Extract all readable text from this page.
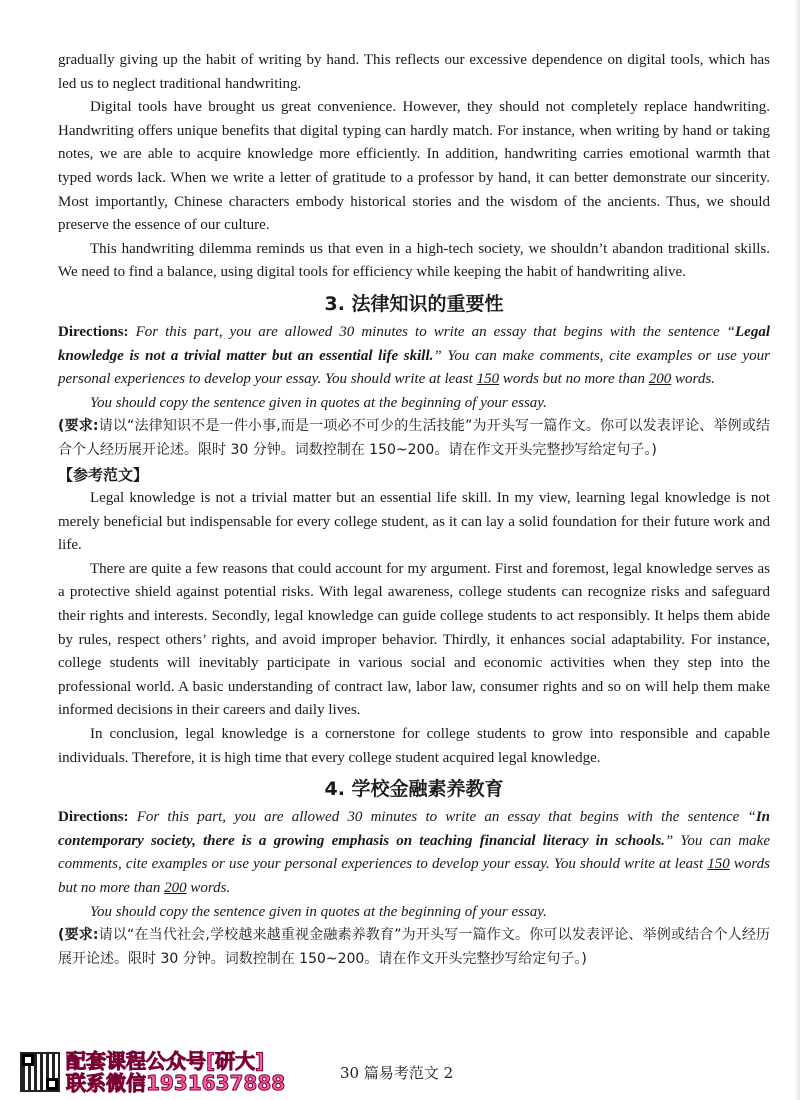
gradually giving up the habit of writing by hand. This reflects our excessive dependence on digital tools, which has led us to neglect traditional handwriting.

Digital tools have brought us great convenience. However, they should not completely replace handwriting. Handwriting offers unique benefits that digital typing can hardly match. For instance, when writing by hand or taking notes, we are able to acquire knowledge more efficiently. In addition, handwriting carries emotional warmth that typed words lack. When we write a letter of gratitude to a professor by hand, it can better demonstrate our sincerity. Most importantly, Chinese characters embody historical stories and the wisdom of the ancients. Thus, we should preserve the essence of our culture.

This handwriting dilemma reminds us that even in a high-tech society, we shouldn’t abandon traditional skills. We need to find a balance, using digital tools for efficiency while keeping the habit of handwriting alive.

3. 法律知识的重要性

Directions: For this part, you are allowed 30 minutes to write an essay that begins with the sentence “Legal knowledge is not a trivial matter but an essential life skill.” You can make comments, cite examples or use your personal experiences to develop your essay. You should write at least 150 words but no more than 200 words.

You should copy the sentence given in quotes at the beginning of your essay.

(要求:请以“法律知识不是一件小事,而是一项必不可少的生活技能”为开头写一篇作文。你可以发表评论、举例或结合个人经历展开论述。限时 30 分钟。词数控制在 150~200。请在作文开头完整抄写给定句子。)

【参考范文】

Legal knowledge is not a trivial matter but an essential life skill. In my view, learning legal knowledge is not merely beneficial but indispensable for every college student, as it can lay a solid foundation for their future work and life.

There are quite a few reasons that could account for my argument. First and foremost, legal knowledge serves as a protective shield against potential risks. With legal awareness, college students can recognize risks and safeguard their rights and interests. Secondly, legal knowledge can guide college students to act responsibly. It helps them abide by rules, respect others’ rights, and avoid improper behavior. Thirdly, it enhances social adaptability. For instance, college students will inevitably participate in various social and economic activities when they step into the professional world. A basic understanding of contract law, labor law, consumer rights and so on will help them make informed decisions in their careers and daily lives.

In conclusion, legal knowledge is a cornerstone for college students to grow into responsible and capable individuals. Therefore, it is high time that every college student acquired legal knowledge.

4. 学校金融素养教育

Directions: For this part, you are allowed 30 minutes to write an essay that begins with the sentence “In contemporary society, there is a growing emphasis on teaching financial literacy in schools.” You can make comments, cite examples or use your personal experiences to develop your essay. You should write at least 150 words but no more than 200 words.

You should copy the sentence given in quotes at the beginning of your essay.

(要求:请以“在当代社会,学校越来越重视金融素养教育”为开头写一篇作文。你可以发表评论、举例或结合个人经历展开论述。限时 30 分钟。词数控制在 150~200。请在作文开头完整抄写给定句子。)

配套课程公众号[研大]
联系微信1931637888	30 篇易考范文 2
